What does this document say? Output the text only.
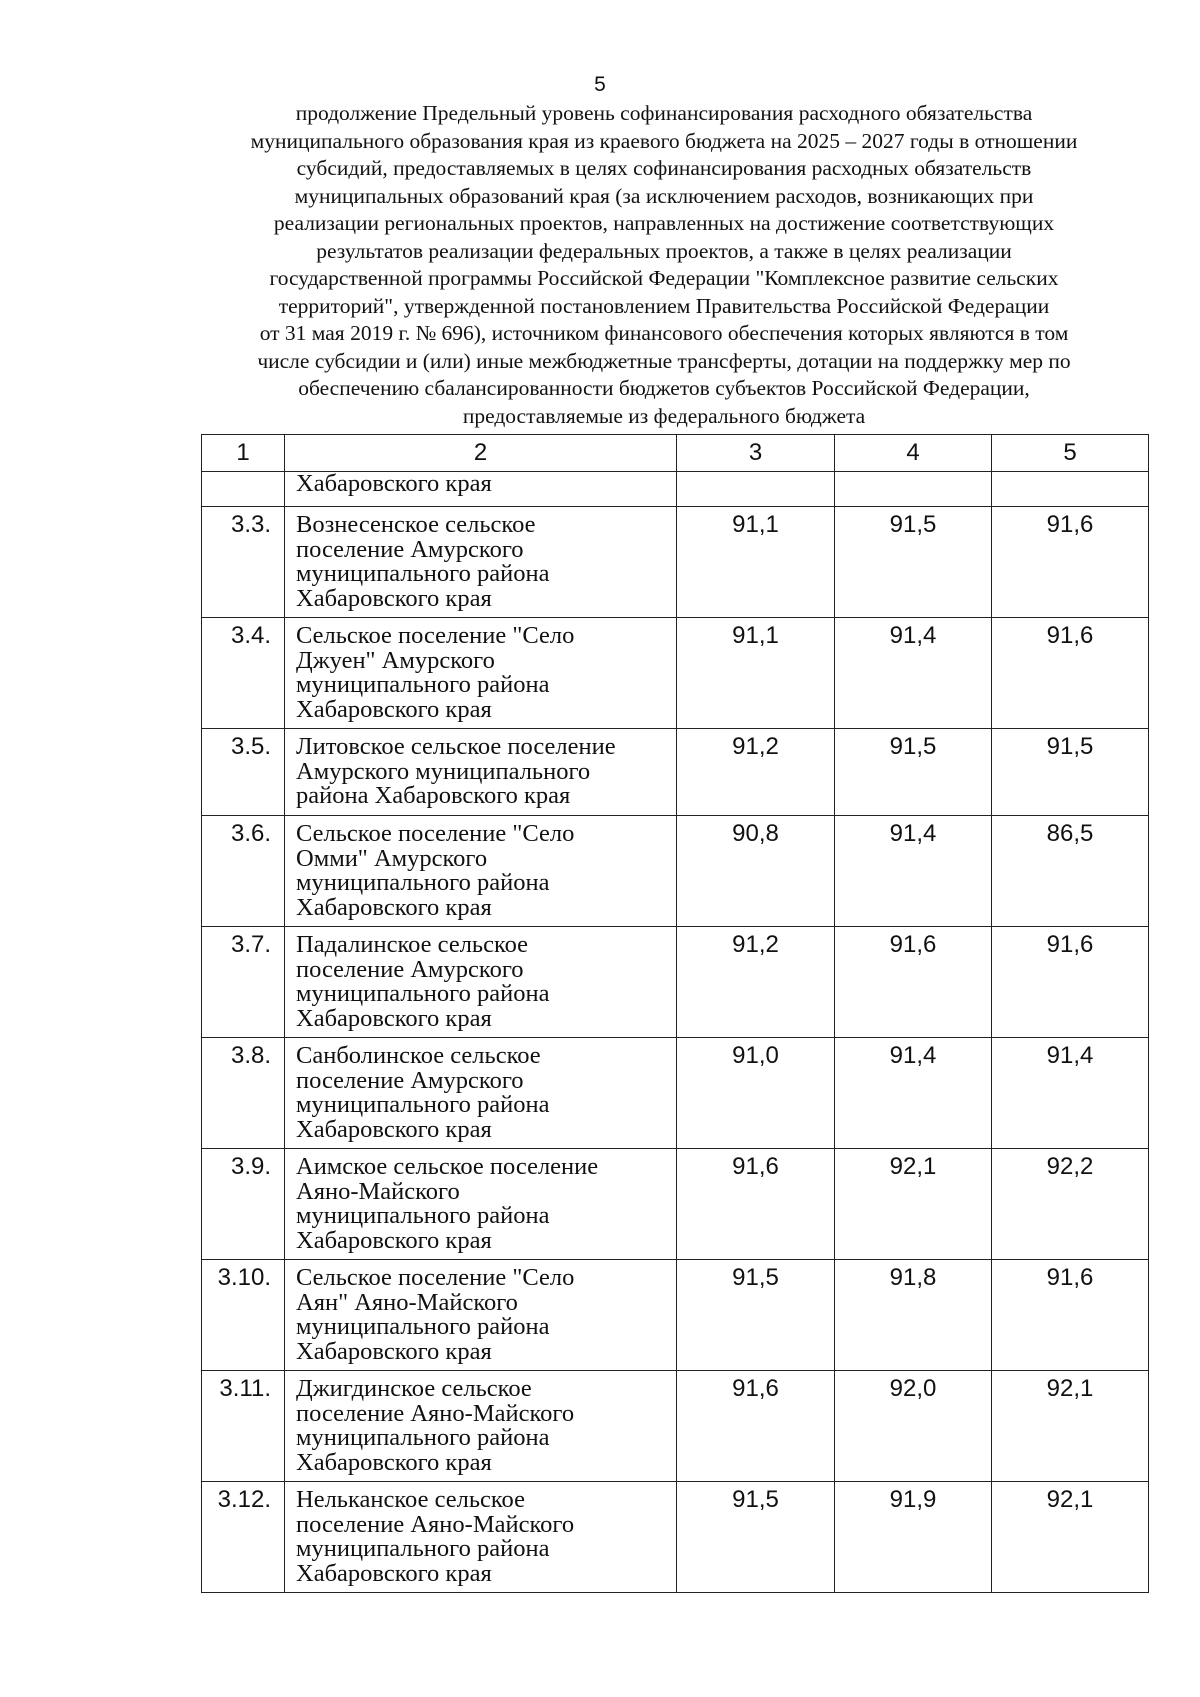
5
продолжение Предельный уровень софинансирования расходного обязательства
муниципального образования края из краевого бюджета на 2025 – 2027 годы в отношении
субсидий, предоставляемых в целях софинансирования расходных обязательств
муниципальных образований края (за исключением расходов, возникающих при
реализации региональных проектов, направленных на достижение соответствующих
результатов реализации федеральных проектов, а также в целях реализации
государственной программы Российской Федерации "Комплексное развитие сельских
территорий", утвержденной постановлением Правительства Российской Федерации
от 31 мая 2019 г. № 696), источником финансового обеспечения которых являются в том
числе субсидии и (или) иные межбюджетные трансферты, дотации на поддержку мер по
обеспечению сбалансированности бюджетов субъектов Российской Федерации,
предоставляемые из федерального бюджета
1	2	3	4	5

	Хабаровского края			

3.3.	Вознесенское сельское
поселение Амурского
муниципального района
Хабаровского края	91,1	91,5	91,6
3.4.	Сельское поселение "Село
Джуен" Амурского
муниципального района
Хабаровского края	91,1	91,4	91,6
3.5.	Литовское сельское поселение
Амурского муниципального
района Хабаровского края	91,2	91,5	91,5
3.6.	Сельское поселение "Село
Омми" Амурского
муниципального района
Хабаровского края	90,8	91,4	86,5
3.7.	Падалинское сельское
поселение Амурского
муниципального района
Хабаровского края	91,2	91,6	91,6
3.8.	Санболинское сельское
поселение Амурского
муниципального района
Хабаровского края	91,0	91,4	91,4
3.9.	Аимское сельское поселение
Аяно-Майского
муниципального района
Хабаровского края	91,6	92,1	92,2
3.10.	Сельское поселение "Село
Аян" Аяно-Майского
муниципального района
Хабаровского края	91,5	91,8	91,6
3.11.	Джигдинское сельское
поселение Аяно-Майского
муниципального района
Хабаровского края	91,6	92,0	92,1
3.12.	Нельканское сельское
поселение Аяно-Майского
муниципального района
Хабаровского края	91,5	91,9	92,1
